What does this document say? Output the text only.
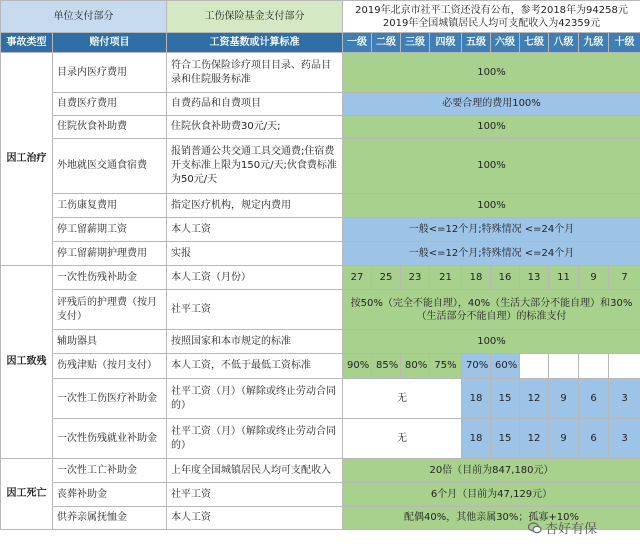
单位支付部分		工伤保险基金支付部分	2019年北京市社平工资还没有公布，参考2018年为94258元
2019年全国城镇居民人均可支配收入为42359元									

事故类型	赔付项目	工资基数或计算标准	一级	二级	三级	四级	五级	六级	七级	八级	九级	十级
因工治疗	目录内医疗费用	符合工伤保险诊疗项目目录、药品目录和住院服务标准	100%									
	自费医疗费用	自费药品和自费项目	必要合理的费用100%									
	住院伙食补助费	住院伙食补助费30元/天;	100%									
	外地就医交通食宿费	报销普通公共交通工具交通费;住宿费开支标准上限为150元/天;伙食费标准为50元/天	100%									
	工伤康复费用	指定医疗机构，规定内费用	100%									
	停工留薪期工资	本人工资	一般<=12个月;特殊情况 <=24个月									
	停工留薪期护理费用	实报	一般<=12个月;特殊情况 <=24个月									
因工致残	一次性伤残补助金	本人工资（月份）	27	25	23	21	18	16	13	11	9	7
	评残后的护理费（按月支付）	社平工资	按50%（完全不能自理），40%（生活大部分不能自理）和30%（生活部分不能自理）的标准支付									
	辅助器具	按照国家和本市规定的标准	100%									
	伤残津贴（按月支付）	本人工资，不低于最低工资标准	90%	85%	80%	75%	70%	60%				
	一次性工伤医疗补助金	社平工资（月）（解除或终止劳动合同的）	无				18	15	12	9	6	3
	一次性伤残就业补助金	社平工资（月）（解除或终止劳动合同的）	无				18	15	12	9	6	3
因工死亡	一次性工亡补助金	上年度全国城镇居民人均可支配收入	20倍（目前为847,180元）									
	丧葬补助金	社平工资	6个月（目前为47,129元）									
	供养亲属抚恤金	本人工资	配偶40%，其他亲属30%；孤寡+10%									
杏好有保
